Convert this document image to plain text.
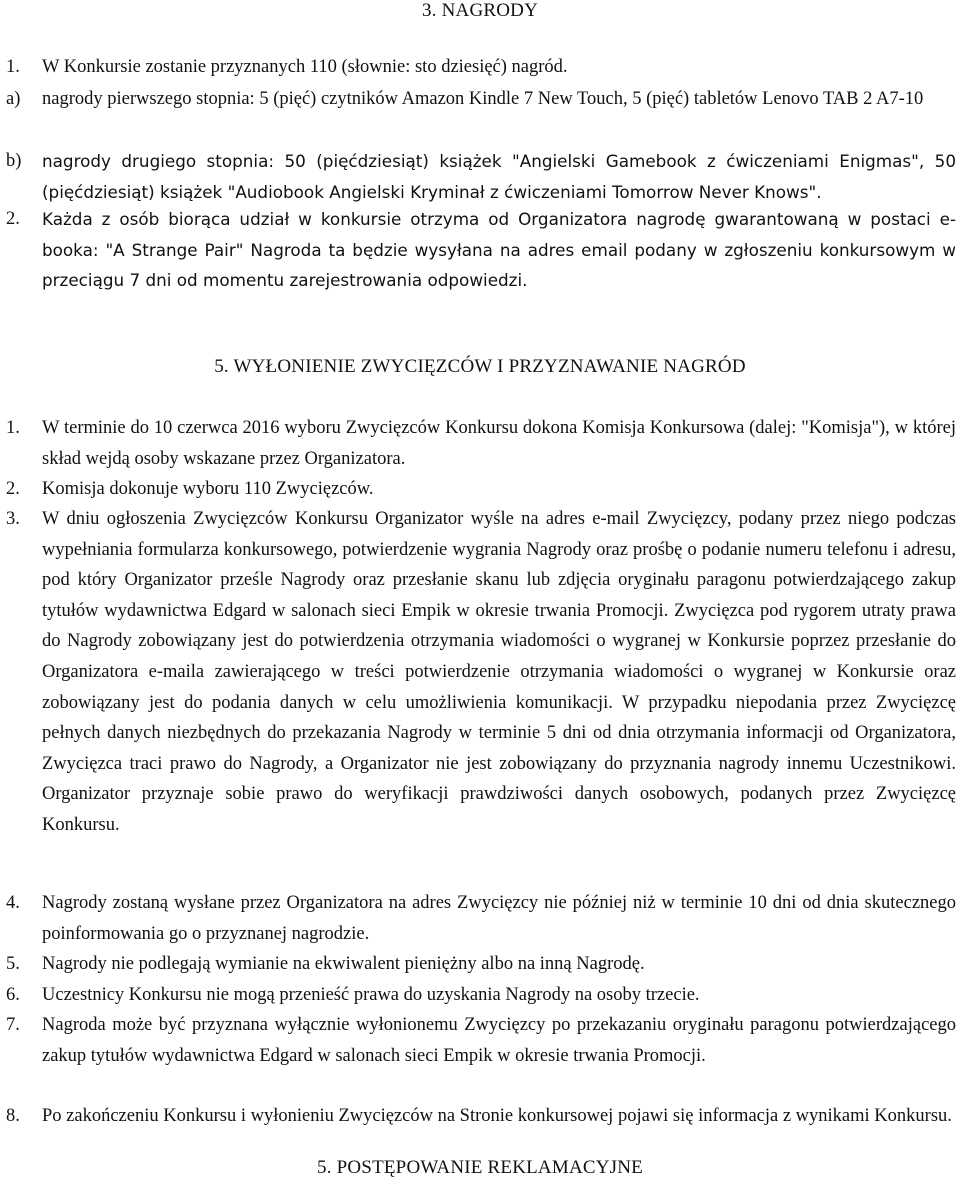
3. NAGRODY
1. W Konkursie zostanie przyznanych 110 (słownie: sto dziesięć) nagród.
a) nagrody pierwszego stopnia: 5 (pięć) czytników Amazon Kindle 7 New Touch, 5 (pięć) tabletów Lenovo TAB 2 A7-10
b) nagrody drugiego stopnia: 50 (pięćdziesiąt) książek "Angielski Gamebook z ćwiczeniami Enigmas", 50 (pięćdziesiąt) książek "Audiobook Angielski Kryminał z ćwiczeniami Tomorrow Never Knows".
2. Każda z osób biorąca udział w konkursie otrzyma od Organizatora nagrodę gwarantowaną w postaci e-booka: "A Strange Pair" Nagroda ta będzie wysyłana na adres email podany w zgłoszeniu konkursowym w przeciągu 7 dni od momentu zarejestrowania odpowiedzi.
5. WYŁONIENIE ZWYCIĘZCÓW I PRZYZNAWANIE NAGRÓD
1. W terminie do 10 czerwca 2016 wyboru Zwycięzców Konkursu dokona Komisja Konkursowa (dalej: "Komisja"), w której skład wejdą osoby wskazane przez Organizatora.
2. Komisja dokonuje wyboru 110 Zwycięzców.
3. W dniu ogłoszenia Zwycięzców Konkursu Organizator wyśle na adres e-mail Zwycięzcy, podany przez niego podczas wypełniania formularza konkursowego, potwierdzenie wygrania Nagrody oraz prośbę o podanie numeru telefonu i adresu, pod który Organizator prześle Nagrody oraz przesłanie skanu lub zdjęcia oryginału paragonu potwierdzającego zakup tytułów wydawnictwa Edgard w salonach sieci Empik w okresie trwania Promocji. Zwycięzca pod rygorem utraty prawa do Nagrody zobowiązany jest do potwierdzenia otrzymania wiadomości o wygranej w Konkursie poprzez przesłanie do Organizatora e-maila zawierającego w treści potwierdzenie otrzymania wiadomości o wygranej w Konkursie oraz zobowiązany jest do podania danych w celu umożliwienia komunikacji. W przypadku niepodania przez Zwycięzcę pełnych danych niezbędnych do przekazania Nagrody w terminie 5 dni od dnia otrzymania informacji od Organizatora, Zwycięzca traci prawo do Nagrody, a Organizator nie jest zobowiązany do przyznania nagrody innemu Uczestnikowi. Organizator przyznaje sobie prawo do weryfikacji prawdziwości danych osobowych, podanych przez Zwycięzcę Konkursu.
4. Nagrody zostaną wysłane przez Organizatora na adres Zwycięzcy nie później niż w terminie 10 dni od dnia skutecznego poinformowania go o przyznanej nagrodzie.
5. Nagrody nie podlegają wymianie na ekwiwalent pieniężny albo na inną Nagrodę.
6. Uczestnicy Konkursu nie mogą przenieść prawa do uzyskania Nagrody na osoby trzecie.
7. Nagroda może być przyznana wyłącznie wyłonionemu Zwycięzcy po przekazaniu oryginału paragonu potwierdzającego zakup tytułów wydawnictwa Edgard w salonach sieci Empik w okresie trwania Promocji.
8. Po zakończeniu Konkursu i wyłonieniu Zwycięzców na Stronie konkursowej pojawi się informacja z wynikami Konkursu.
5. POSTĘPOWANIE REKLAMACYJNE
